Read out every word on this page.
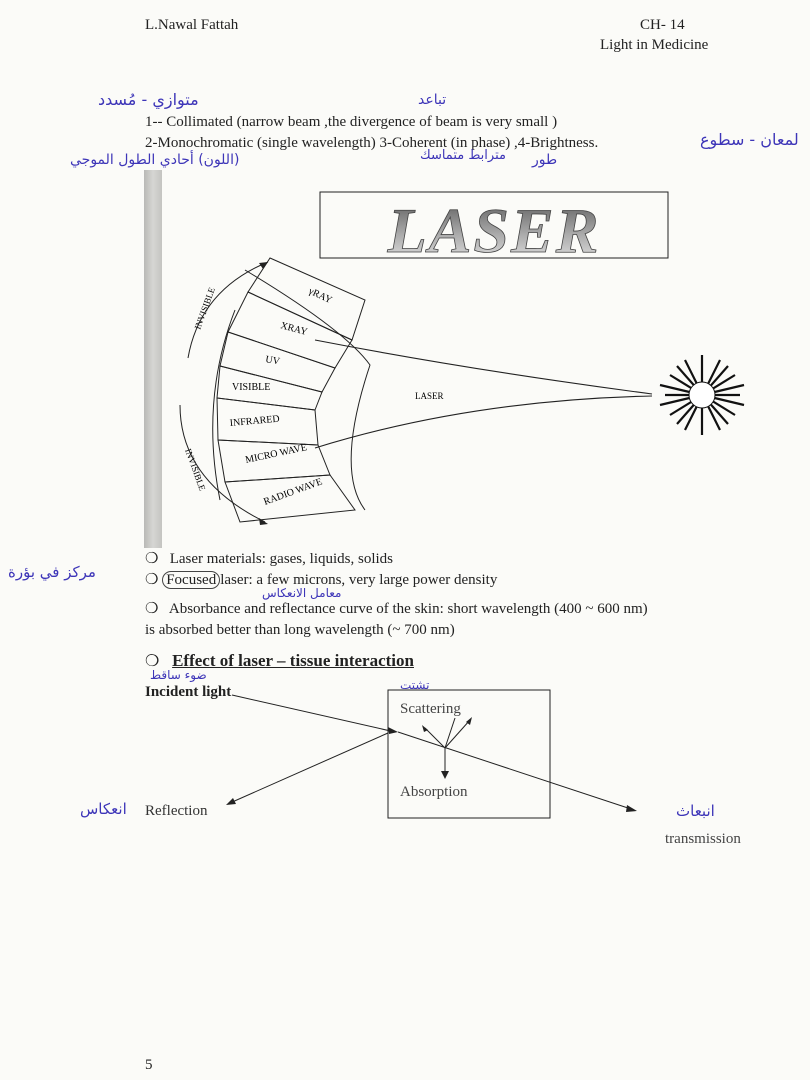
L.Nawal Fattah	CH- 14
Light in Medicine
متوازي - مُسدد	تباعد
1-- Collimated (narrow beam ,the divergence of beam is very small )
2-Monochromatic (single wavelength) 3-Coherent (in phase) ,4-Brightness.	لمعان - سطوع
(اللون) أحادي الطول الموجي	مترابط متماسك طور
LASER
γRAY
XRAY
UV
VISIBLE
INFRARED
MICRO WAVE
RADIO WAVE
INVISIBLE
INVISIBLE
LASER
مركز في بؤرة
❍ Laser materials: gases, liquids, solids
❍ Focused laser: a few microns, very large power density
معامل الانعكاس
❍ Absorbance and reflectance curve of the skin: short wavelength (400 ~ 600 nm)
is absorbed better than long wavelength (~ 700 nm)
❍ Effect of laser – tissue interaction
ضوء ساقط
Incident light	تشتت
Scattering
Absorption
انعكاس Reflection	انبعاث
transmission
5
